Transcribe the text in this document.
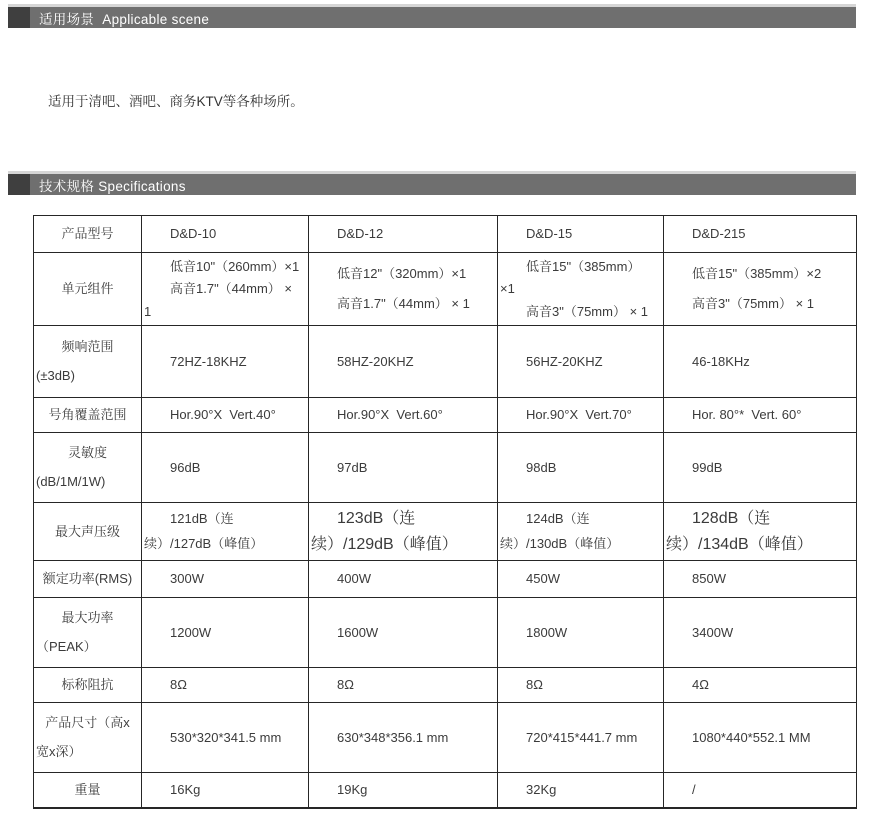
适用场景  Applicable scene

适用于清吧、酒吧、商务KTV等各种场所。

技术规格 Specifications
产品型号	D&D-10	D&D-12	D&D-15	D&D-215

单元组件	低音10"（260mm）×1
高音1.7"（44mm） ×
1	低音12"（320mm）×1
高音1.7"（44mm） × 1	低音15"（385mm）
×1
高音3"（75mm） × 1	低音15"（385mm）×2
高音3"（75mm） × 1

频响范围
(±3dB)	72HZ-18KHZ	58HZ-20KHZ	56HZ-20KHZ	46-18KHz

号角覆盖范围	Hor.90°X  Vert.40°	Hor.90°X  Vert.60°	Hor.90°X  Vert.70°	Hor. 80°*  Vert. 60°

灵敏度
(dB/1M/1W)	96dB	97dB	98dB	99dB

最大声压级	121dB（连
续）/127dB（峰值）	123dB（连
续）/129dB（峰值）	124dB（连
续）/130dB（峰值）	128dB（连
续）/134dB（峰值）

额定功率(RMS)	300W	400W	450W	850W

最大功率
（PEAK）	1200W	1600W	1800W	3400W

标称阻抗	8Ω	8Ω	8Ω	4Ω

产品尺寸（高x
宽x深）	530*320*341.5 mm	630*348*356.1 mm	720*415*441.7 mm	1080*440*552.1 MM

重量	16Kg	19Kg	32Kg	/
